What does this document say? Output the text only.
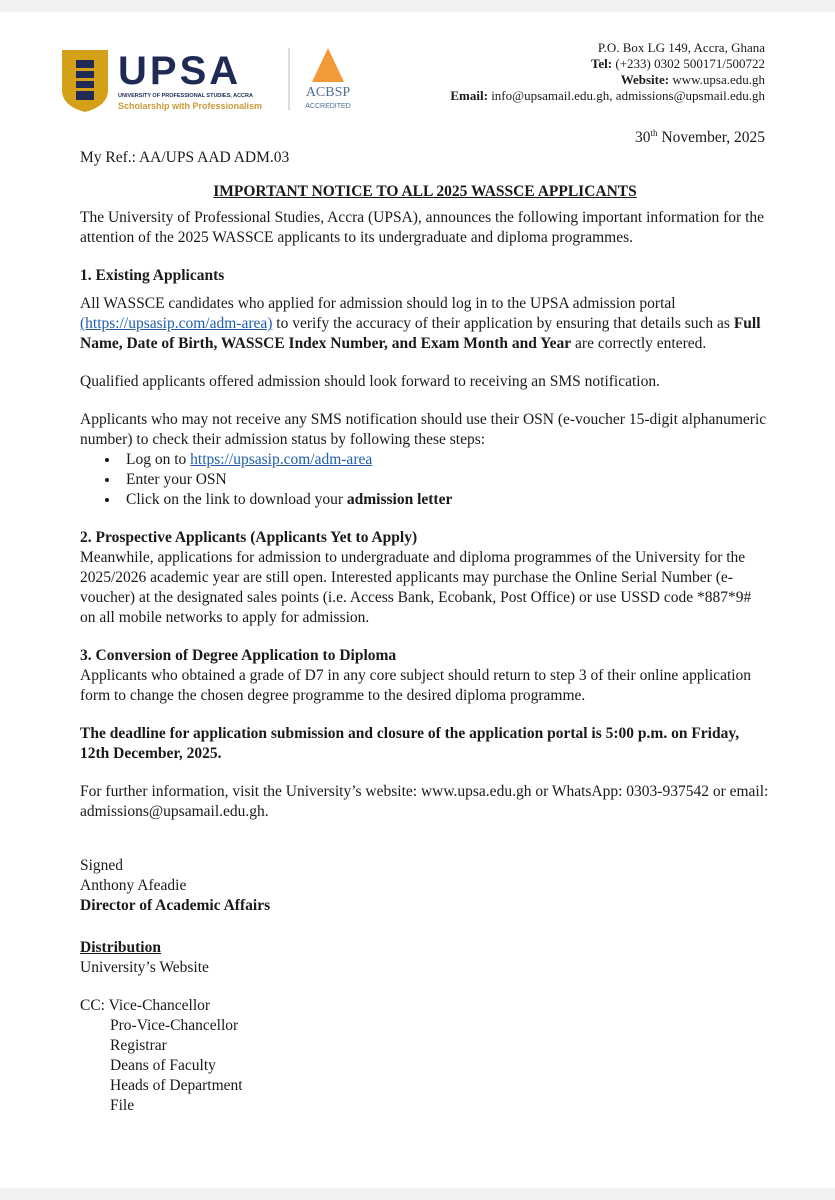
UPSA
UNIVERSITY OF PROFESSIONAL STUDIES, ACCRA
Scholarship with Professionalism
ACBSP
ACCREDITED
P.O. Box LG 149, Accra, Ghana
Tel: (+233) 0302 500171/500722
Website: www.upsa.edu.gh
Email: info@upsamail.edu.gh, admissions@upsmail.edu.gh
30th November, 2025

My Ref.: AA/UPS AAD ADM.03

IMPORTANT NOTICE TO ALL 2025 WASSCE APPLICANTS

The University of Professional Studies, Accra (UPSA), announces the following important information for the attention of the 2025 WASSCE applicants to its undergraduate and diploma programmes.

1. Existing Applicants

All WASSCE candidates who applied for admission should log in to the UPSA admission portal (https://upsasip.com/adm-area) to verify the accuracy of their application by ensuring that details such as Full Name, Date of Birth, WASSCE Index Number, and Exam Month and Year are correctly entered.

Qualified applicants offered admission should look forward to receiving an SMS notification.

Applicants who may not receive any SMS notification should use their OSN (e-voucher 15-digit alphanumeric number) to check their admission status by following these steps:

• Log on to https://upsasip.com/adm-area
• Enter your OSN
• Click on the link to download your admission letter

2. Prospective Applicants (Applicants Yet to Apply)

Meanwhile, applications for admission to undergraduate and diploma programmes of the University for the 2025/2026 academic year are still open. Interested applicants may purchase the Online Serial Number (e-voucher) at the designated sales points (i.e. Access Bank, Ecobank, Post Office) or use USSD code *887*9# on all mobile networks to apply for admission.

3. Conversion of Degree Application to Diploma

Applicants who obtained a grade of D7 in any core subject should return to step 3 of their online application form to change the chosen degree programme to the desired diploma programme.

The deadline for application submission and closure of the application portal is 5:00 p.m. on Friday, 12th December, 2025.

For further information, visit the University’s website: www.upsa.edu.gh or WhatsApp: 0303-937542 or email: admissions@upsamail.edu.gh.

Signed

Anthony Afeadie

Director of Academic Affairs

Distribution

University’s Website

CC: Vice-Chancellor

Pro-Vice-Chancellor

Registrar

Deans of Faculty

Heads of Department

File
